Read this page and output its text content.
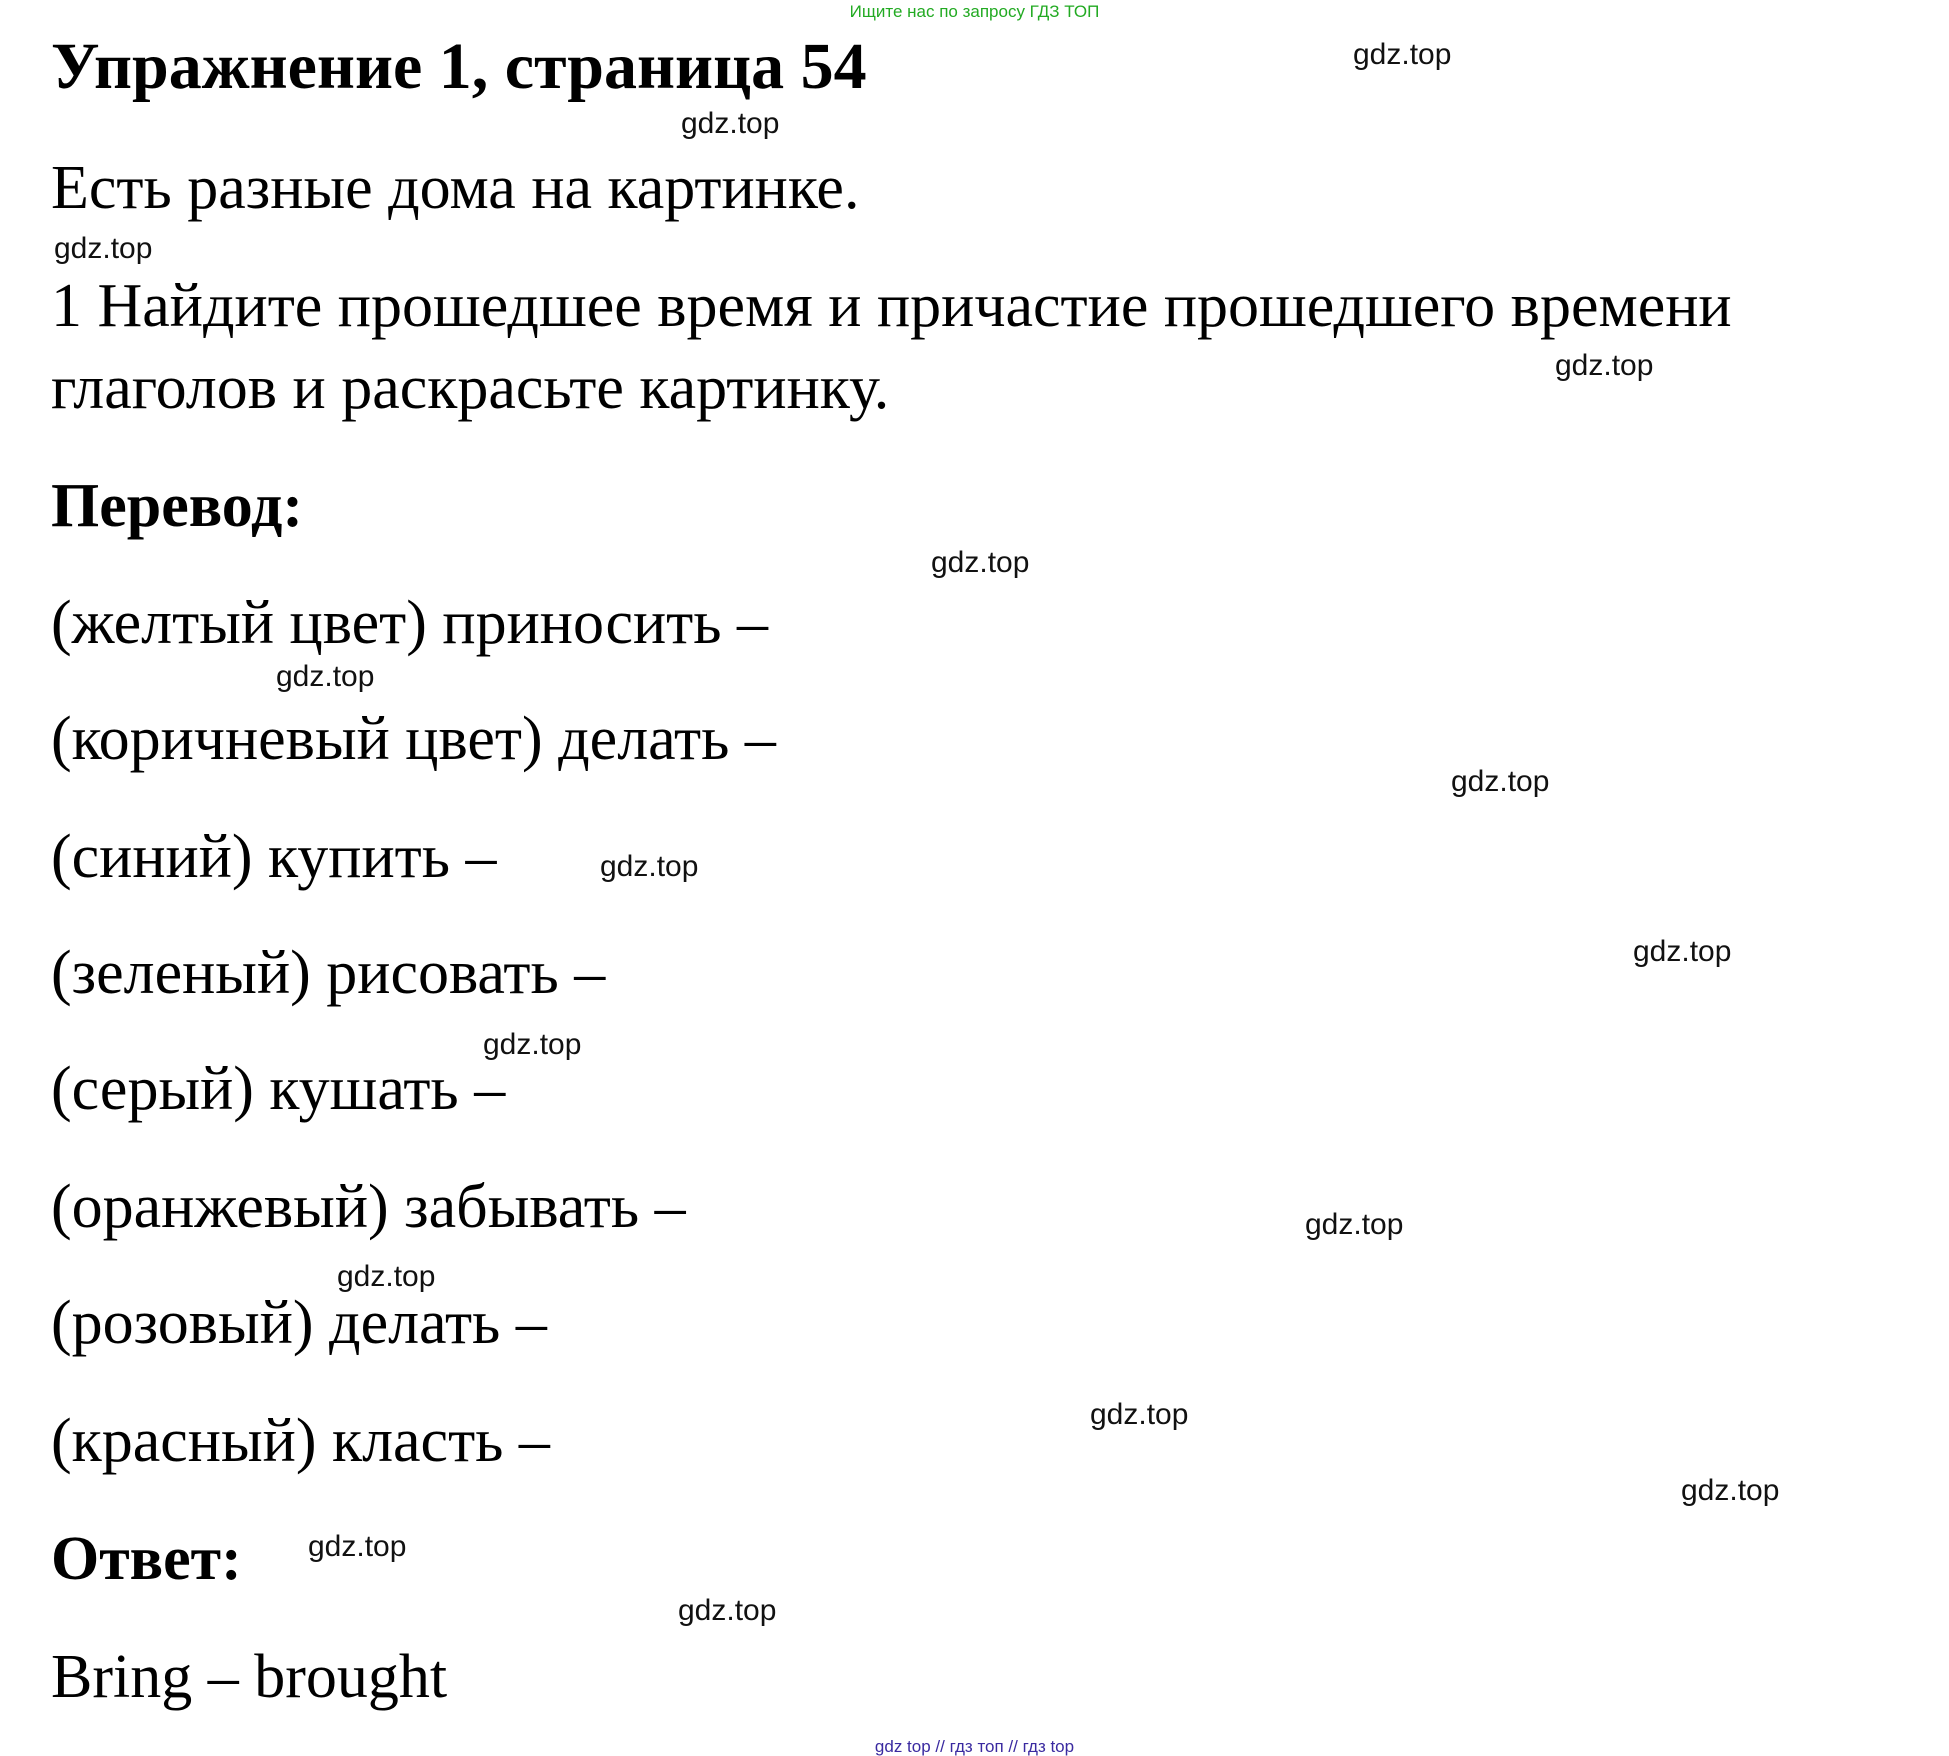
Ищите нас по запросу ГДЗ ТОП
Упражнение 1, страница 54
Есть разные дома на картинке.
1 Найдите прошедшее время и причастие прошедшего времени
глаголов и раскрасьте картинку.
Перевод:
(желтый цвет) приносить –
(коричневый цвет) делать –
(синий) купить –
(зеленый) рисовать –
(серый) кушать –
(оранжевый) забывать –
(розовый) делать –
(красный) класть –
Ответ:
Bring – brought
gdz.top
gdz.top
gdz.top
gdz.top
gdz.top
gdz.top
gdz.top
gdz.top
gdz.top
gdz.top
gdz.top
gdz.top
gdz.top
gdz.top
gdz.top
gdz.top
gdz top // гдз топ // гдз top
